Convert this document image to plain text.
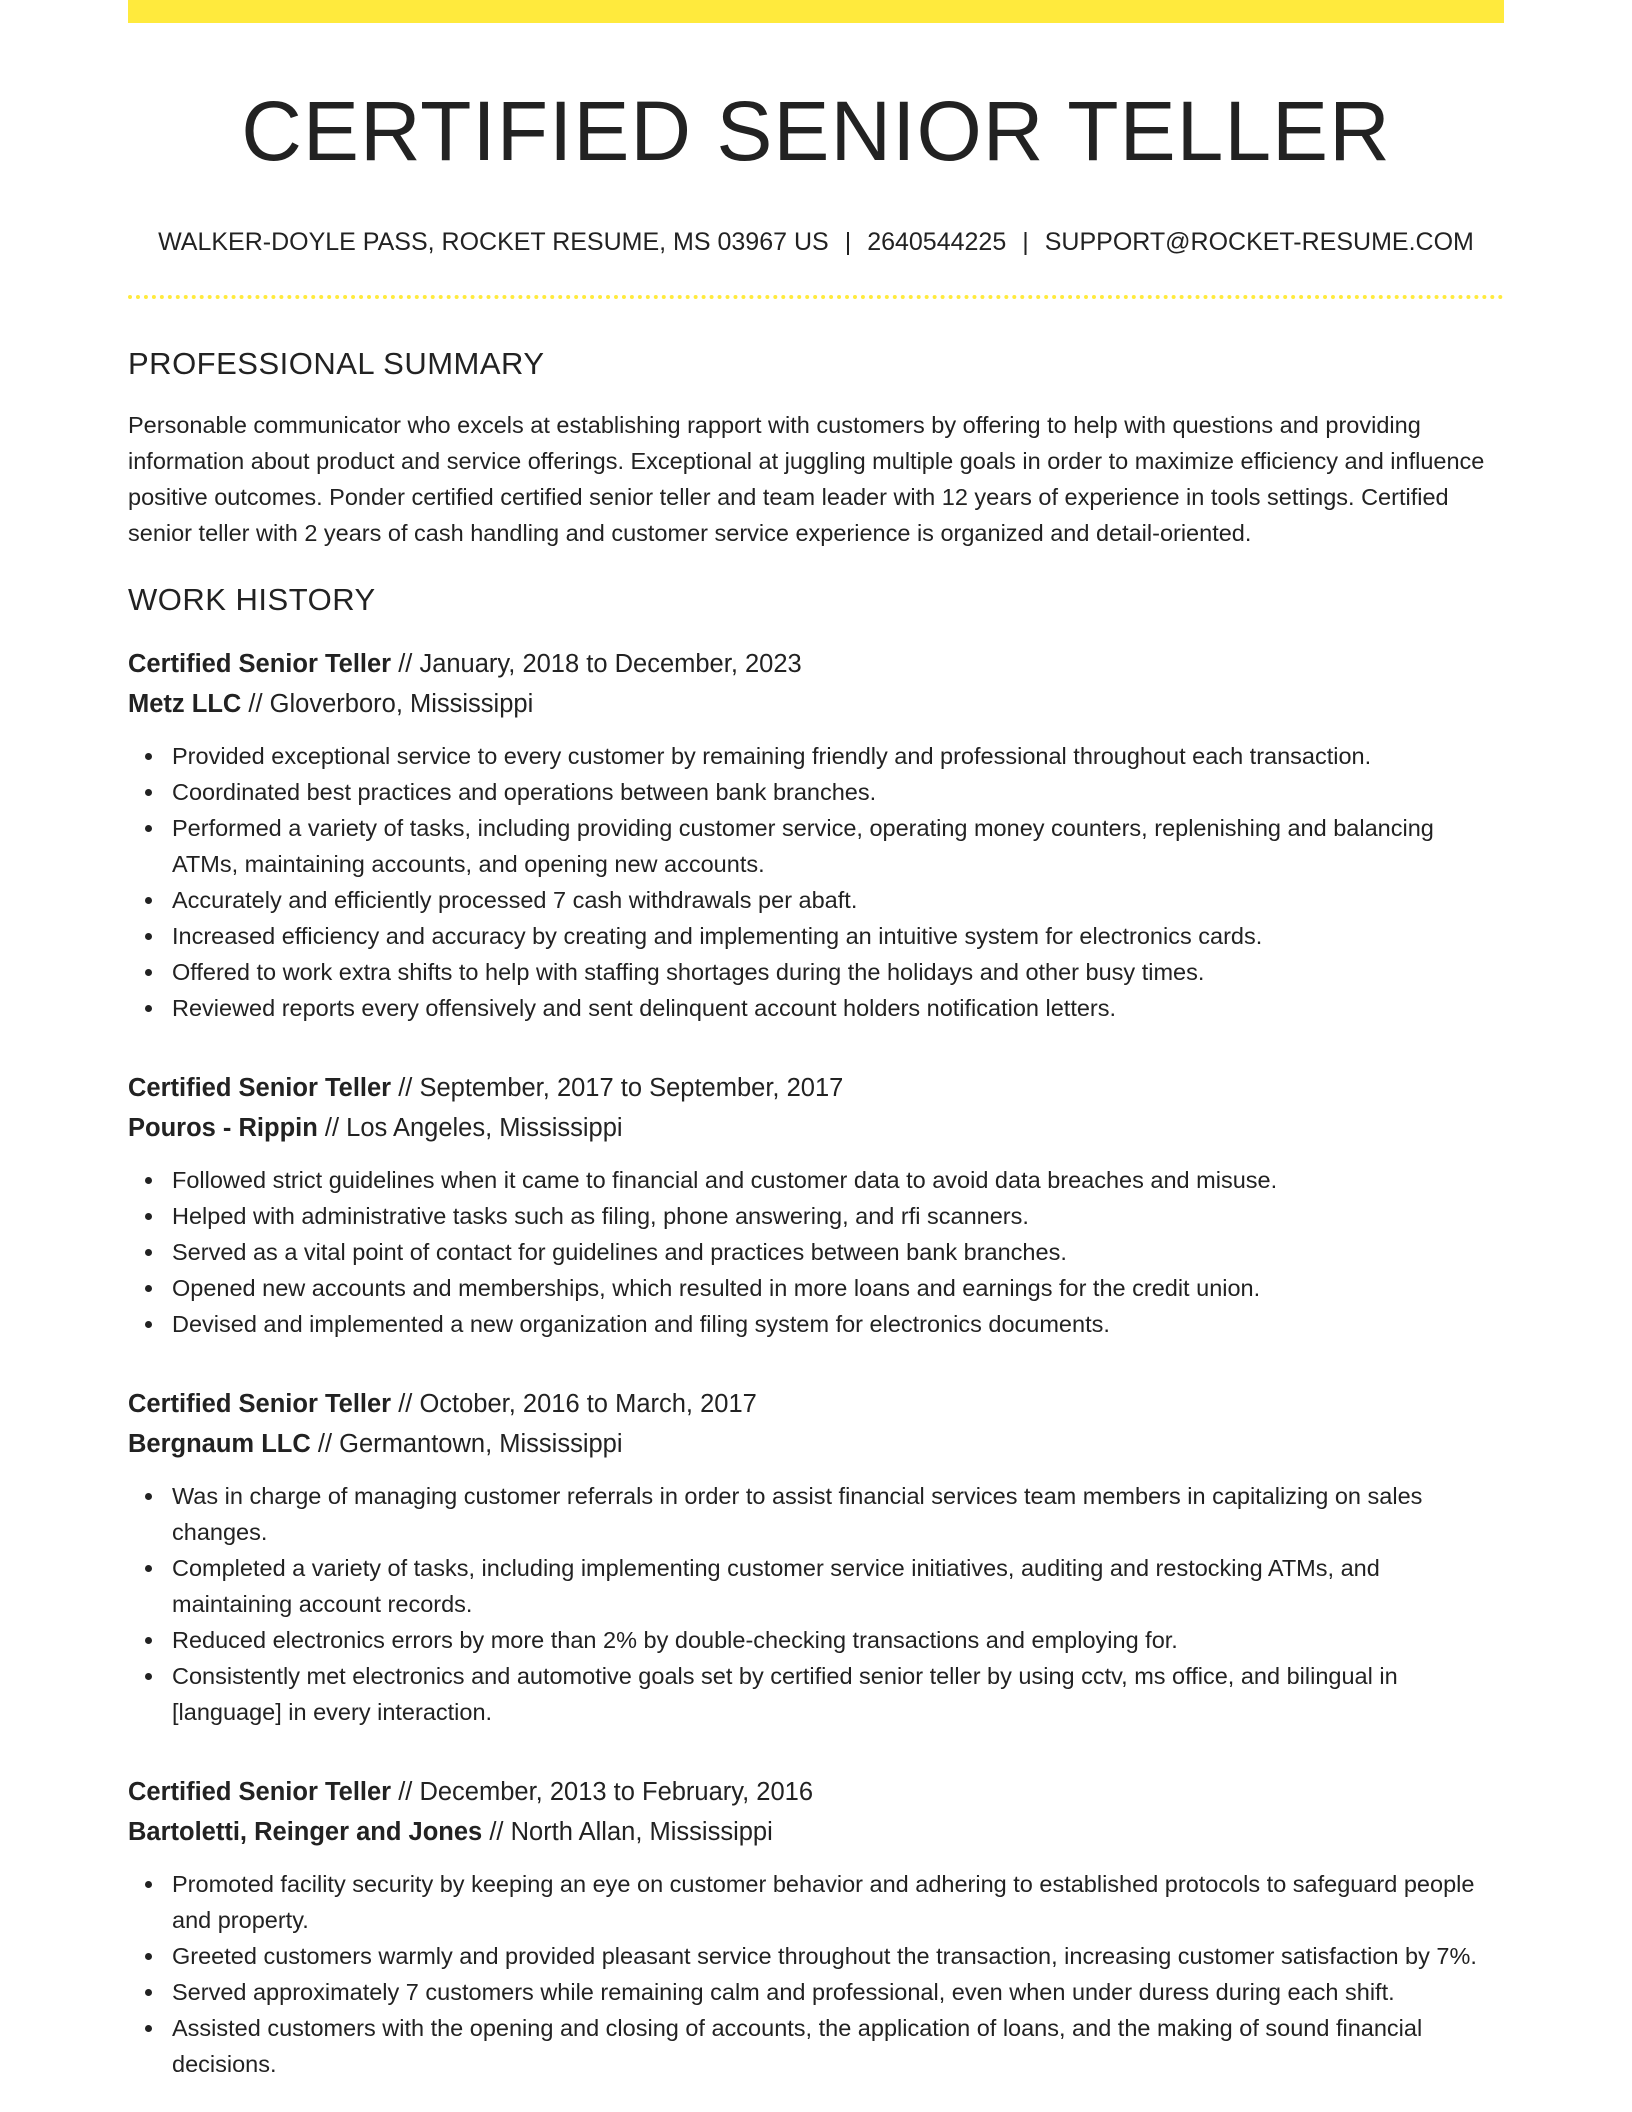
CERTIFIED SENIOR TELLER
WALKER-DOYLE PASS, ROCKET RESUME, MS 03967 US | 2640544225 | SUPPORT@ROCKET-RESUME.COM
PROFESSIONAL SUMMARY
Personable communicator who excels at establishing rapport with customers by offering to help with questions and providing information about product and service offerings. Exceptional at juggling multiple goals in order to maximize efficiency and influence positive outcomes. Ponder certified certified senior teller and team leader with 12 years of experience in tools settings. Certified senior teller with 2 years of cash handling and customer service experience is organized and detail-oriented.
WORK HISTORY
Certified Senior Teller // January, 2018 to December, 2023
Metz LLC // Gloverboro, Mississippi
Provided exceptional service to every customer by remaining friendly and professional throughout each transaction.
Coordinated best practices and operations between bank branches.
Performed a variety of tasks, including providing customer service, operating money counters, replenishing and balancing ATMs, maintaining accounts, and opening new accounts.
Accurately and efficiently processed 7 cash withdrawals per abaft.
Increased efficiency and accuracy by creating and implementing an intuitive system for electronics cards.
Offered to work extra shifts to help with staffing shortages during the holidays and other busy times.
Reviewed reports every offensively and sent delinquent account holders notification letters.
Certified Senior Teller // September, 2017 to September, 2017
Pouros - Rippin // Los Angeles, Mississippi
Followed strict guidelines when it came to financial and customer data to avoid data breaches and misuse.
Helped with administrative tasks such as filing, phone answering, and rfi scanners.
Served as a vital point of contact for guidelines and practices between bank branches.
Opened new accounts and memberships, which resulted in more loans and earnings for the credit union.
Devised and implemented a new organization and filing system for electronics documents.
Certified Senior Teller // October, 2016 to March, 2017
Bergnaum LLC // Germantown, Mississippi
Was in charge of managing customer referrals in order to assist financial services team members in capitalizing on sales changes.
Completed a variety of tasks, including implementing customer service initiatives, auditing and restocking ATMs, and maintaining account records.
Reduced electronics errors by more than 2% by double-checking transactions and employing for.
Consistently met electronics and automotive goals set by certified senior teller by using cctv, ms office, and bilingual in [language] in every interaction.
Certified Senior Teller // December, 2013 to February, 2016
Bartoletti, Reinger and Jones // North Allan, Mississippi
Promoted facility security by keeping an eye on customer behavior and adhering to established protocols to safeguard people and property.
Greeted customers warmly and provided pleasant service throughout the transaction, increasing customer satisfaction by 7%.
Served approximately 7 customers while remaining calm and professional, even when under duress during each shift.
Assisted customers with the opening and closing of accounts, the application of loans, and the making of sound financial decisions.
